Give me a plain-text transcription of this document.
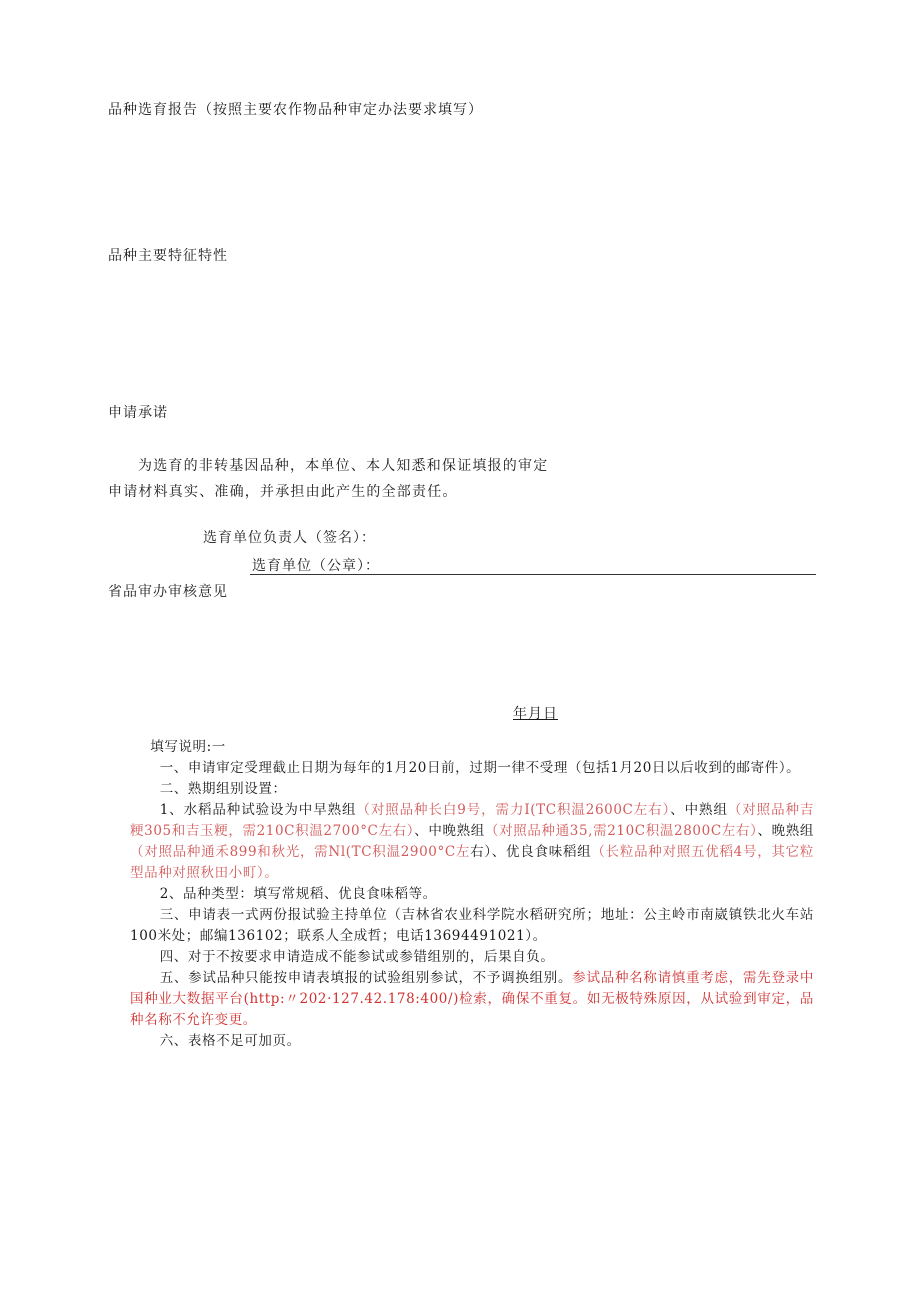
品种选育报告（按照主要农作物品种审定办法要求填写）
品种主要特征特性
申请承诺
为选育的非转基因品种，本单位、本人知悉和保证填报的审定
申请材料真实、准确，并承担由此产生的全部责任。
选育单位负责人（签名）：
选育单位（公章）：
省品审办审核意见
年月日

填写说明:一

一、申请审定受理截止日期为每年的1月20日前，过期一律不受理（包括1月20日以后收到的邮寄件）。

二、熟期组别设置：

1、水稻品种试验设为中早熟组（对照品种长白9号，需力I(TC积温2600C左右）、中熟组（对照品种吉粳305和吉玉粳，需210C积温2700°C左右）、中晚熟组（对照品种通35,需210C积温2800C左右）、晚熟组（对照品种通禾899和秋光，需Nl(TC积温2900°C左右）、优良食味稻组（长粒品种对照五优稻4号，其它粒型品种对照秋田小町）。

2、品种类型：填写常规稻、优良食味稻等。

三、申请表一式两份报试验主持单位（吉林省农业科学院水稻研究所；地址：公主岭市南崴镇铁北火车站100米处；邮编136102；联系人全成哲；电话13694491021）。

四、对于不按要求申请造成不能参试或参错组别的，后果自负。

五、参试品种只能按申请表填报的试验组别参试，不予调换组别。参试品种名称请慎重考虑，需先登录中国种业大数据平台(http:〃202·127.42.178:400/)检索，确保不重复。如无极特殊原因，从试验到审定，品种名称不允许变更。

六、表格不足可加页。
